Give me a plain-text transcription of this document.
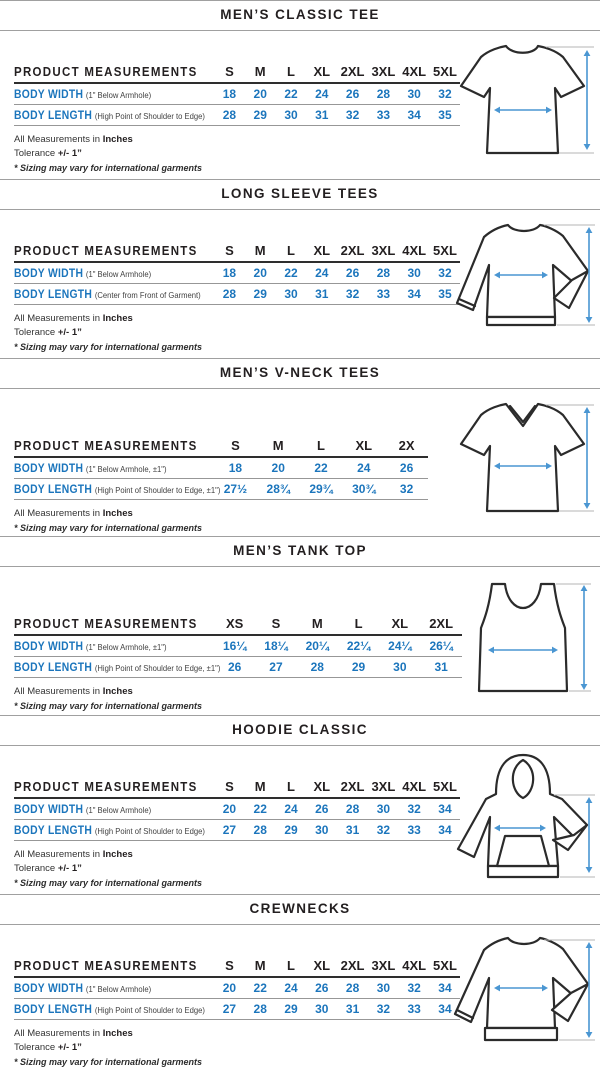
MEN’S CLASSIC TEE
PRODUCT MEASUREMENTS	S	M	L	XL 2XL 3XL 4XL 5XL
BODY WIDTH (1" Below Armhole)	18	20	22	24	26	28	30	32
BODY LENGTH (High Point of Shoulder to Edge)	28	29	30	31	32	33	34	35
All Measurements in Inches
Tolerance +/- 1”
* Sizing may vary for international garments
LONG SLEEVE TEES
PRODUCT MEASUREMENTS	S	M	L	XL 2XL 3XL 4XL 5XL
BODY WIDTH (1" Below Armhole)	18	20	22	24	26	28	30	32
BODY LENGTH (Center from Front of Garment)	28	29	30	31	32	33	34	35
All Measurements in Inches
Tolerance +/- 1”
* Sizing may vary for international garments
MEN’S V-NECK TEES
PRODUCT MEASUREMENTS	S	M	L	XL	2X
BODY WIDTH (1" Below Armhole, ±1")	18	20	22	24	26
BODY LENGTH (High Point of Shoulder to Edge, ±1") 27½	28¾	29¾	30¾	32
All Measurements in Inches
* Sizing may vary for international garments
MEN’S TANK TOP
PRODUCT MEASUREMENTS	XS	S	M	L	XL	2XL
BODY WIDTH (1" Below Armhole, ±1")	16¼	18¼	20¼	22¼	24¼	26¼
BODY LENGTH (High Point of Shoulder to Edge, ±1") 26	27	28	29	30	31
All Measurements in Inches
* Sizing may vary for international garments
HOODIE CLASSIC
PRODUCT MEASUREMENTS	S	M	L	XL 2XL 3XL 4XL 5XL
BODY WIDTH (1" Below Armhole)	20	22	24	26	28	30	32	34
BODY LENGTH (High Point of Shoulder to Edge)	27	28	29	30	31	32	33	34
All Measurements in Inches
Tolerance +/- 1”
* Sizing may vary for international garments
CREWNECKS
PRODUCT MEASUREMENTS	S	M	L	XL 2XL 3XL 4XL 5XL
BODY WIDTH (1" Below Armhole)	20	22	24	26	28	30	32	34
BODY LENGTH (High Point of Shoulder to Edge)	27	28	29	30	31	32	33	34
All Measurements in Inches
Tolerance +/- 1”
* Sizing may vary for international garments
